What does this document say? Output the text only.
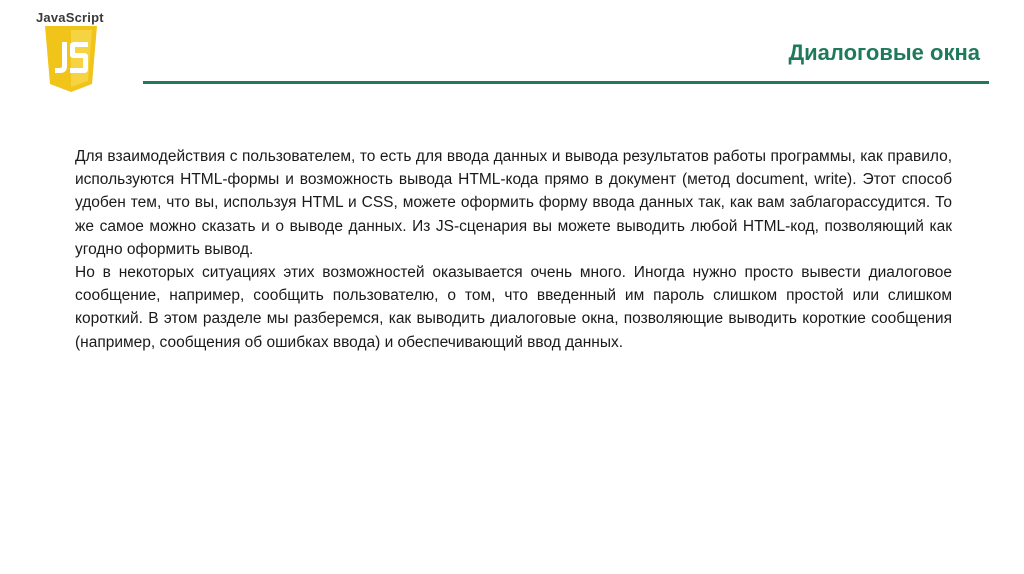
JavaScript
Диалоговые окна

Для взаимодействия с пользователем, то есть для ввода данных и вывода результатов работы программы, как правило, используются HTML-формы и возможность вывода HTML-кода прямо в документ (метод document, write). Этот способ удобен тем, что вы, используя HTML и CSS, можете оформить форму ввода данных так, как вам заблагорассудится. То же самое можно сказать и о выводе данных. Из JS-сценария вы можете выводить любой HTML-код, позволяющий как угодно оформить вывод.

Но в некоторых ситуациях этих возможностей оказывается очень много. Иногда нужно просто вывести диалоговое сообщение, например, сообщить пользователю, о том, что введенный им пароль слишком простой или слишком короткий. В этом разделе мы разберемся, как выводить диалоговые окна, позволяющие выводить короткие сообщения (например, сообщения об ошибках ввода) и обеспечивающий ввод данных.
